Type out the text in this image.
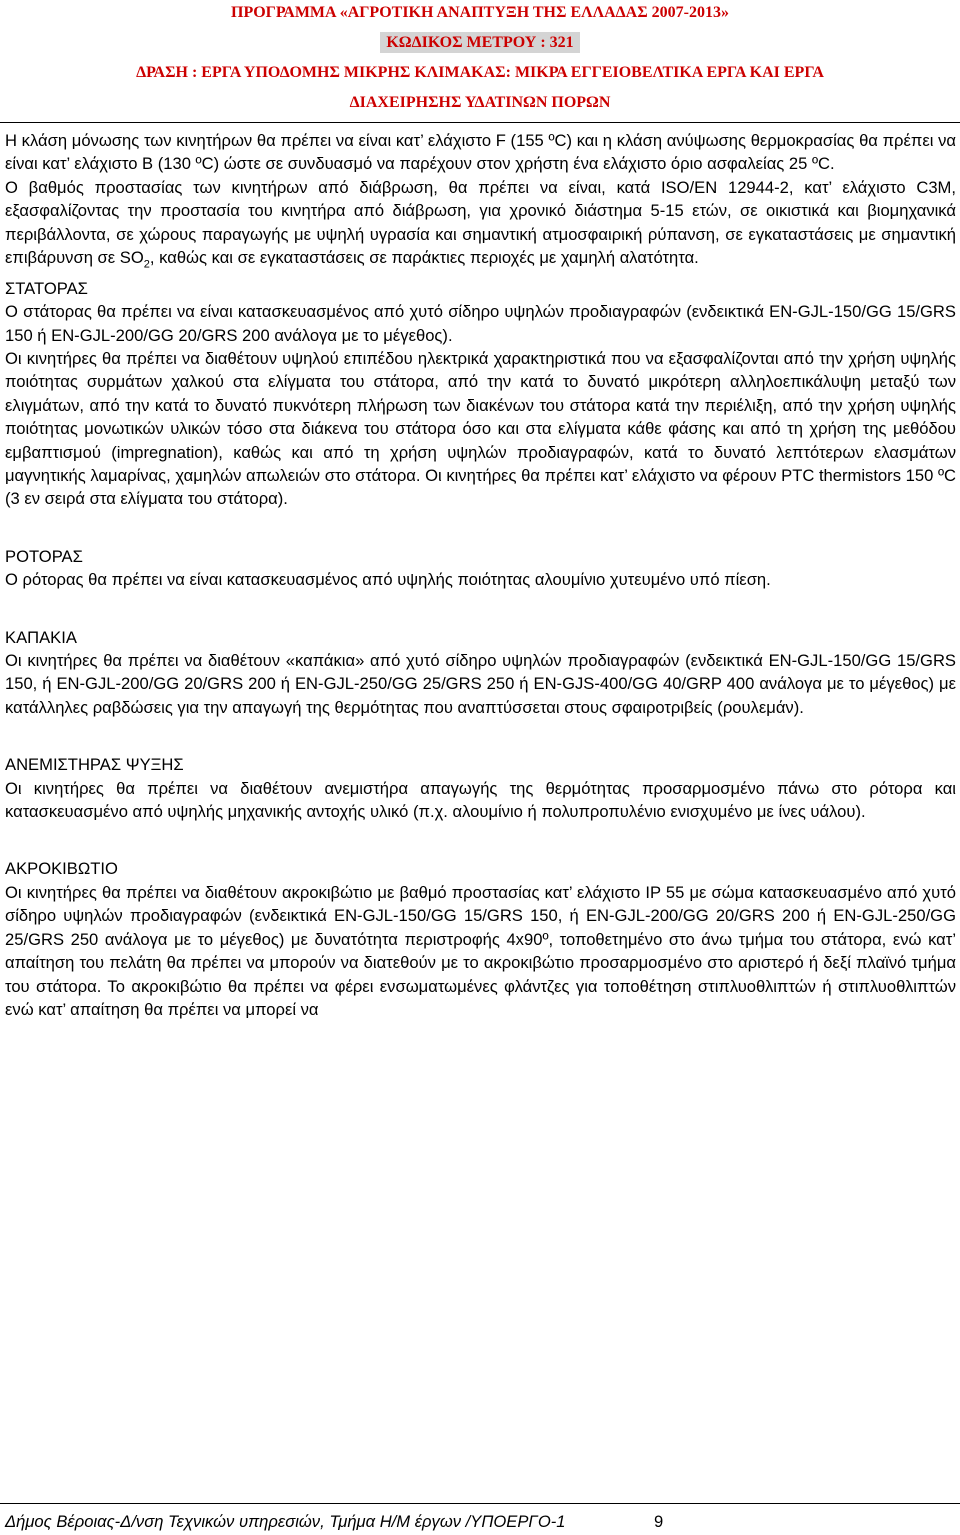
ΠΡΟΓΡΑΜΜΑ «ΑΓΡΟΤΙΚΗ ΑΝΑΠΤΥΞΗ ΤΗΣ ΕΛΛΑΔΑΣ 2007-2013»
ΚΩΔΙΚΟΣ ΜΕΤΡΟΥ : 321
ΔΡΑΣΗ : ΕΡΓΑ ΥΠΟΔΟΜΗΣ ΜΙΚΡΗΣ ΚΛΙΜΑΚΑΣ: ΜΙΚΡΑ ΕΓΓΕΙΟΒΕΛΤΙΚΑ ΕΡΓΑ ΚΑΙ ΕΡΓΑ
ΔΙΑΧΕΙΡΗΣΗΣ ΥΔΑΤΙΝΩΝ ΠΟΡΩΝ

Η κλάση μόνωσης των κινητήρων θα πρέπει να είναι κατ’ ελάχιστο F (155 ºC) και η κλάση ανύψωσης θερμοκρασίας θα πρέπει να είναι κατ’ ελάχιστο B (130 ºC) ώστε σε συνδυασμό να παρέχουν στον χρήστη ένα ελάχιστο όριο ασφαλείας 25 ºC.

Ο βαθμός προστασίας των κινητήρων από διάβρωση, θα πρέπει να είναι, κατά ISO/EN 12944-2, κατ’ ελάχιστο C3M, εξασφαλίζοντας την προστασία του κινητήρα από διάβρωση, για χρονικό διάστημα 5-15 ετών, σε οικιστικά και βιομηχανικά περιβάλλοντα, σε χώρους παραγωγής με υψηλή υγρασία και σημαντική ατμοσφαιρική ρύπανση, σε εγκαταστάσεις με σημαντική επιβάρυνση σε $SO_2$, καθώς και σε εγκαταστάσεις σε παράκτιες περιοχές με χαμηλή αλατότητα.

ΣΤΑΤΟΡΑΣ

Ο στάτορας θα πρέπει να είναι κατασκευασμένος από χυτό σίδηρο υψηλών προδιαγραφών (ενδεικτικά EN-GJL-150/GG 15/GRS 150 ή EN-GJL-200/GG 20/GRS 200 ανάλογα με το μέγεθος).

Οι κινητήρες θα πρέπει να διαθέτουν υψηλού επιπέδου ηλεκτρικά χαρακτηριστικά που να εξασφαλίζονται από την χρήση υψηλής ποιότητας συρμάτων χαλκού στα ελίγματα του στάτορα, από την κατά το δυνατό μικρότερη αλληλοεπικάλυψη μεταξύ των ελιγμάτων, από την κατά το δυνατό πυκνότερη πλήρωση των διακένων του στάτορα κατά την περιέλιξη, από την χρήση υψηλής ποιότητας μονωτικών υλικών τόσο στα διάκενα του στάτορα όσο και στα ελίγματα κάθε φάσης και από τη χρήση της μεθόδου εμβαπτισμού (impregnation), καθώς και από τη χρήση υψηλών προδιαγραφών, κατά το δυνατό λεπτότερων ελασμάτων μαγνητικής λαμαρίνας, χαμηλών απωλειών στο στάτορα. Οι κινητήρες θα πρέπει κατ’ ελάχιστο να φέρουν PTC thermistors 150 ºC (3 εν σειρά στα ελίγματα του στάτορα).

ΡΟΤΟΡΑΣ

Ο ρότορας θα πρέπει να είναι κατασκευασμένος από υψηλής ποιότητας αλουμίνιο χυτευμένο υπό πίεση.

ΚΑΠΑΚΙΑ

Οι κινητήρες θα πρέπει να διαθέτουν «καπάκια» από χυτό σίδηρο υψηλών προδιαγραφών (ενδεικτικά EN-GJL-150/GG 15/GRS 150, ή EN-GJL-200/GG 20/GRS 200 ή EN-GJL-250/GG 25/GRS 250 ή EN-GJS-400/GG 40/GRP 400 ανάλογα με το μέγεθος) με κατάλληλες ραβδώσεις για την απαγωγή της θερμότητας που αναπτύσσεται στους σφαιροτριβείς (ρουλεμάν).

ΑΝΕΜΙΣΤΗΡΑΣ ΨΥΞΗΣ

Οι κινητήρες θα πρέπει να διαθέτουν ανεμιστήρα απαγωγής της θερμότητας προσαρμοσμένο πάνω στο ρότορα και κατασκευασμένο από υψηλής μηχανικής αντοχής υλικό (π.χ. αλουμίνιο ή πολυπροπυλένιο ενισχυμένο με ίνες υάλου).

ΑΚΡΟΚΙΒΩΤΙΟ

Οι κινητήρες θα πρέπει να διαθέτουν ακροκιβώτιο με βαθμό προστασίας κατ’ ελάχιστο IP 55 με σώμα κατασκευασμένο από χυτό σίδηρο υψηλών προδιαγραφών (ενδεικτικά EN-GJL-150/GG 15/GRS 150, ή EN-GJL-200/GG 20/GRS 200 ή EN-GJL-250/GG 25/GRS 250 ανάλογα με το μέγεθος) με δυνατότητα περιστροφής 4x90º, τοποθετημένο στο άνω τμήμα του στάτορα, ενώ κατ’ απαίτηση του πελάτη θα πρέπει να μπορούν να διατεθούν με το ακροκιβώτιο προσαρμοσμένο στο αριστερό ή δεξί πλαϊνό τμήμα του στάτορα. Το ακροκιβώτιο θα πρέπει να φέρει ενσωματωμένες φλάντζες για τοποθέτηση στιπλυοθλιπτών ή στιπλυοθλιπτών ενώ κατ’ απαίτηση θα πρέπει να μπορεί να

Δήμος Βέροιας-Δ/νση Τεχνικών υπηρεσιών, Τμήμα Η/Μ έργων /ΥΠΟΕΡΓΟ-1	9
